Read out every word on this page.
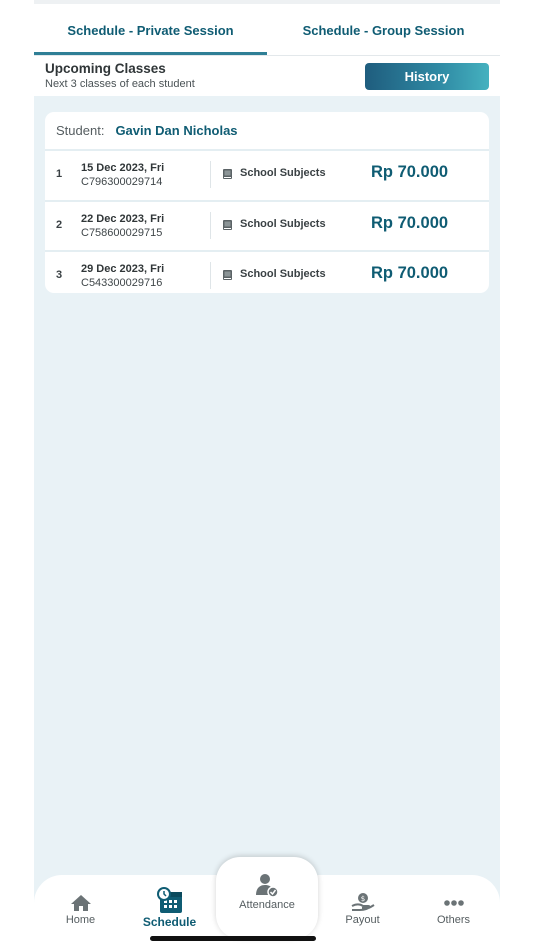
Schedule - Private Session	Schedule - Group Session
Upcoming Classes
Next 3 classes of each student	History
Student: Gavin Dan Nicholas
1 15 Dec 2023, Fri
C796300029714
School Subjects	Rp 70.000
2 22 Dec 2023, Fri
C758600029715
School Subjects	Rp 70.000
3 29 Dec 2023, Fri
C543300029716
School Subjects	Rp 70.000
Home	Schedule
$
Payout	Others
Attendance
